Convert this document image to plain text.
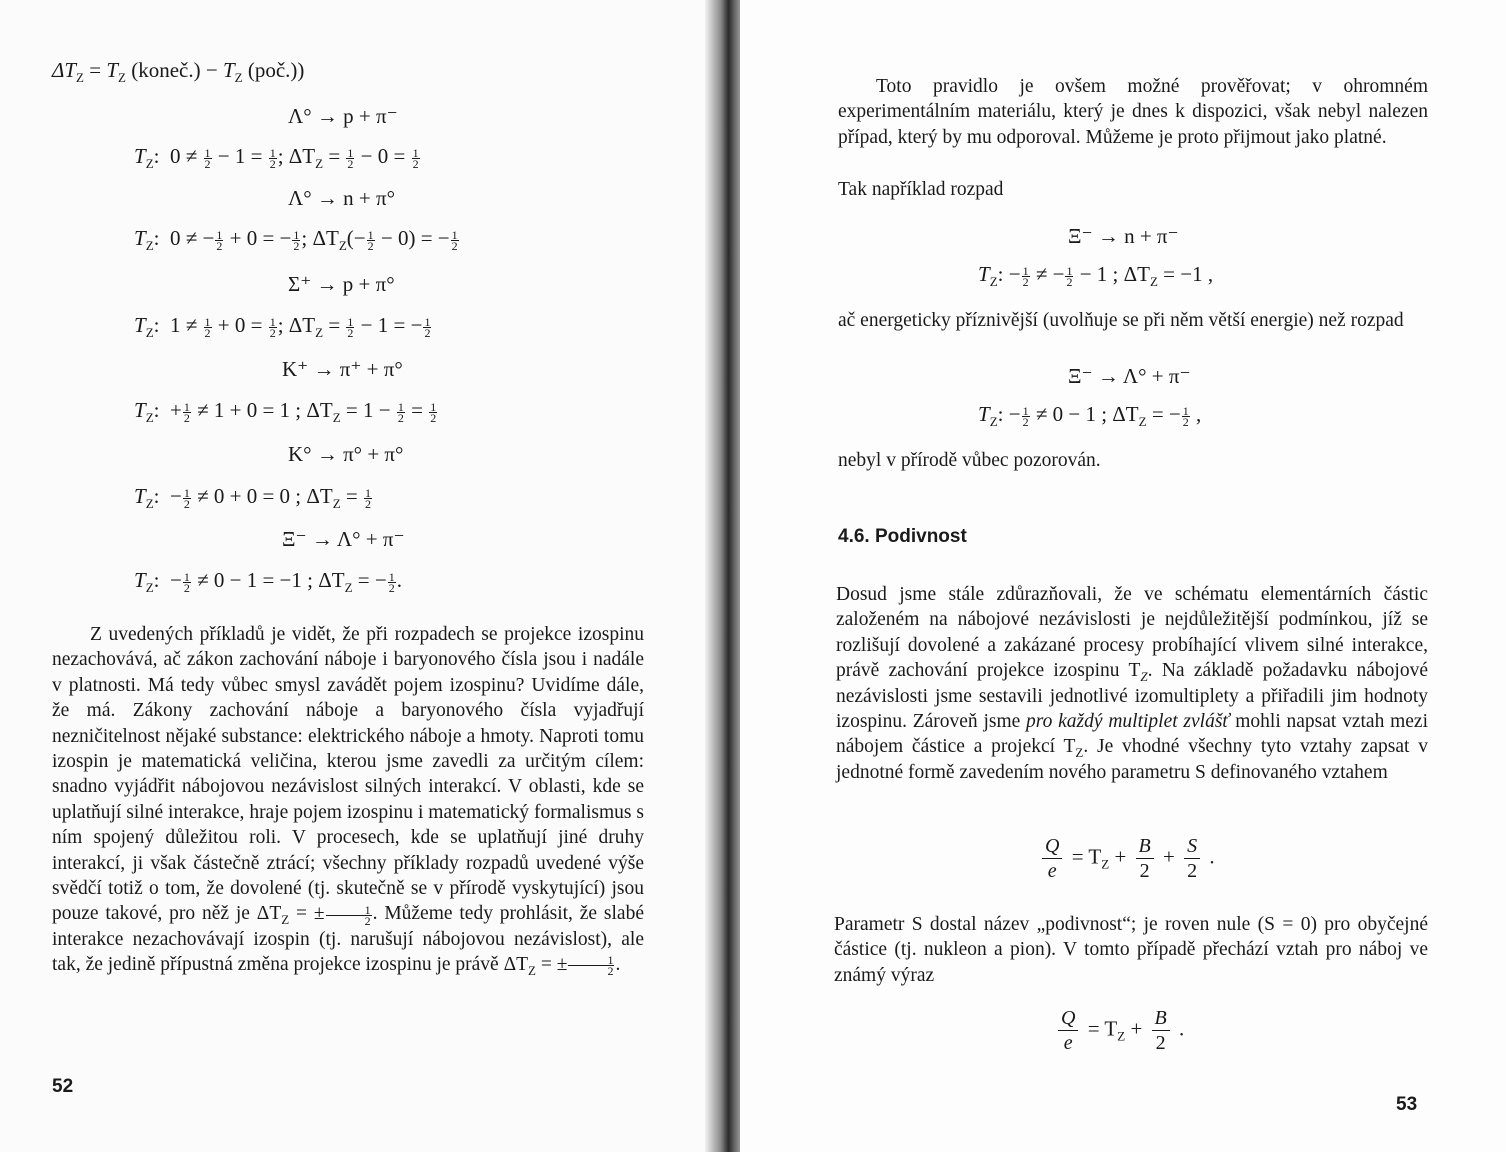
$\Delta T_Z = T_Z$ (koneč.) − $T_Z$ (poč.))
Λ° → p + π⁻
$T_Z$: $0 \ne \frac{1}{2} - 1 = \frac{1}{2}$ ; $\Delta T_Z = \frac{1}{2} - 0 = \frac{1}{2}$
Λ° → n + π°
$T_Z$: 0 ≠ − $\frac{1}{2} + 0$ = − $\frac{1}{2}$ ; $\Delta T_Z(- \frac{1}{2} - 0)$ = − $\frac{1}{2}$
Σ⁺ → p + π°
$T_Z$: $1 \ne \frac{1}{2} + 0 = \frac{1}{2}$ ; $\Delta T_Z = \frac{1}{2} - 1$ = − $\frac{1}{2}$
K⁺ → π⁺ + π°
$T_Z$: + $\frac{1}{2} \ne 1 + 0 = 1$ ; $\Delta T_Z = 1 - \frac{1}{2} = \frac{1}{2}$
K° → π° + π°
$T_Z$: − $\frac{1}{2} \ne 0 + 0 = 0$ ; $\Delta T_Z = \frac{1}{2}$
Ξ⁻ → Λ° + π⁻
$T_Z$: − $\frac{1}{2} \ne 0 - 1 = -1$ ; $\Delta T_Z$ = − $\frac{1}{2}$ .
Z uvedených příkladů je vidět, že při rozpadech se projekce izospinu nezachovává, ač zákon zachování náboje i baryonového čísla jsou i nadále v platnosti. Má tedy vůbec smysl zavádět pojem izospinu? Uvidíme dále, že má. Zákony zachování náboje a baryonového čísla vyjadřují nezničitelnost nějaké substance: elektrického náboje a hmoty. Naproti tomu izospin je matematická veličina, kterou jsme zavedli za určitým cílem: snadno vyjádřit nábojovou nezávislost silných interakcí. V oblasti, kde se uplatňují silné interakce, hraje pojem izospinu i matematický formalismus s ním spojený důležitou roli. V procesech, kde se uplatňují jiné druhy interakcí, ji však částečně ztrácí; všechny příklady rozpadů uvedené výše svědčí totiž o tom, že dovolené (tj. skutečně se v přírodě vyskytující) jsou pouze takové, pro něž je $\Delta T_Z$ = ± $\frac{1}{2}$ . Můžeme tedy prohlásit, že slabé interakce nezachovávají izospin (tj. narušují nábojovou nezávislost), ale tak, že jedině přípustná změna projekce izospinu je právě $\Delta T_Z$ = ± $\frac{1}{2}$ .
52
Toto pravidlo je ovšem možné prověřovat; v ohromném experimentálním materiálu, který je dnes k dispozici, však nebyl nalezen případ, který by mu odporoval. Můžeme je proto přijmout jako platné.
Tak například rozpad
Ξ⁻ → n + π⁻
$T_Z$: − $\frac{1}{2}$ ≠ − $\frac{1}{2} - 1$ ; $\Delta T_Z = -1$ ,
ač energeticky příznivější (uvolňuje se při něm větší energie) než rozpad
Ξ⁻ → Λ° + π⁻
$T_Z$: − $\frac{1}{2} \ne 0 - 1$ ; $\Delta T_Z$ = − $\frac{1}{2}$ ,
nebyl v přírodě vůbec pozorován.
4.6. Podivnost
Dosud jsme stále zdůrazňovali, že ve schématu elementárních částic založeném na nábojové nezávislosti je nejdůležitější podmínkou, jíž se rozlišují dovolené a zakázané procesy probíhající vlivem silné interakce, právě zachování projekce izospinu $T_Z$. Na základě požadavku nábojové nezávislosti jsme sestavili jednotlivé izomultiplety a přiřadili jim hodnoty izospinu. Zároveň jsme pro každý multiplet zvlášť mohli napsat vztah mezi nábojem částice a projekcí $T_Z$. Je vhodné všechny tyto vztahy zapsat v jednotné formě zavedením nového parametru S definovaného vztahem
$\frac{Q}{e} = T_Z + \frac{B}{2} + \frac{S}{2}$ .
Parametr S dostal název „podivnost“; je roven nule (S = 0) pro obyčejné částice (tj. nukleon a pion). V tomto případě přechází vztah pro náboj ve známý výraz
$\frac{Q}{e} = T_Z + \frac{B}{2}$ .
53
